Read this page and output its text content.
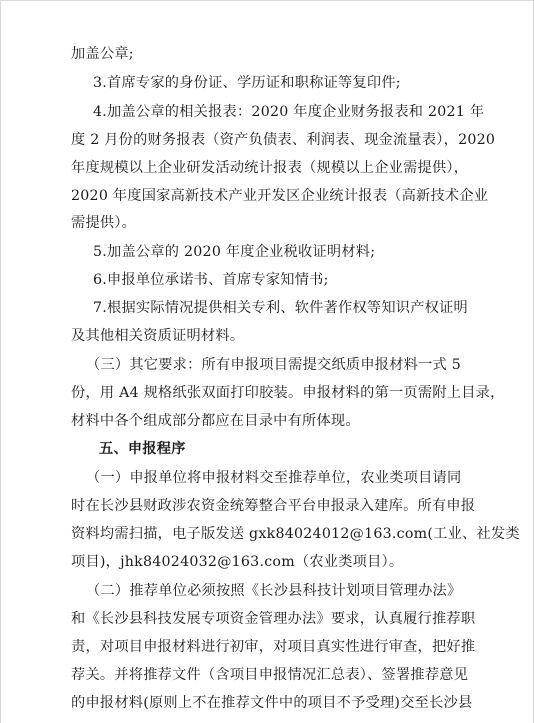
加盖公章;
3.首席专家的身份证、学历证和职称证等复印件;
4.加盖公章的相关报表：2020 年度企业财务报表和 2021 年
度 2 月份的财务报表（资产负债表、利润表、现金流量表），2020
年度规模以上企业研发活动统计报表（规模以上企业需提供），
2020 年度国家高新技术产业开发区企业统计报表（高新技术企业
需提供）。
5.加盖公章的 2020 年度企业税收证明材料;
6.申报单位承诺书、首席专家知情书;
7.根据实际情况提供相关专利、软件著作权等知识产权证明
及其他相关资质证明材料。
（三）其它要求：所有申报项目需提交纸质申报材料一式 5
份，用 A4 规格纸张双面打印胶装。申报材料的第一页需附上目录，
材料中各个组成部分都应在目录中有所体现。
五、申报程序
（一）申报单位将申报材料交至推荐单位，农业类项目请同
时在长沙县财政涉农资金统筹整合平台申报录入建库。所有申报
资料均需扫描，电子版发送 gxk84024012@163.com(工业、社发类
项目)，jhk84024032@163.com（农业类项目）。
（二）推荐单位必须按照《长沙县科技计划项目管理办法》
和《长沙县科技发展专项资金管理办法》要求，认真履行推荐职
责，对项目申报材料进行初审，对项目真实性进行审查，把好推
荐关。并将推荐文件（含项目申报情况汇总表）、签署推荐意见
的申报材料(原则上不在推荐文件中的项目不予受理)交至长沙县
